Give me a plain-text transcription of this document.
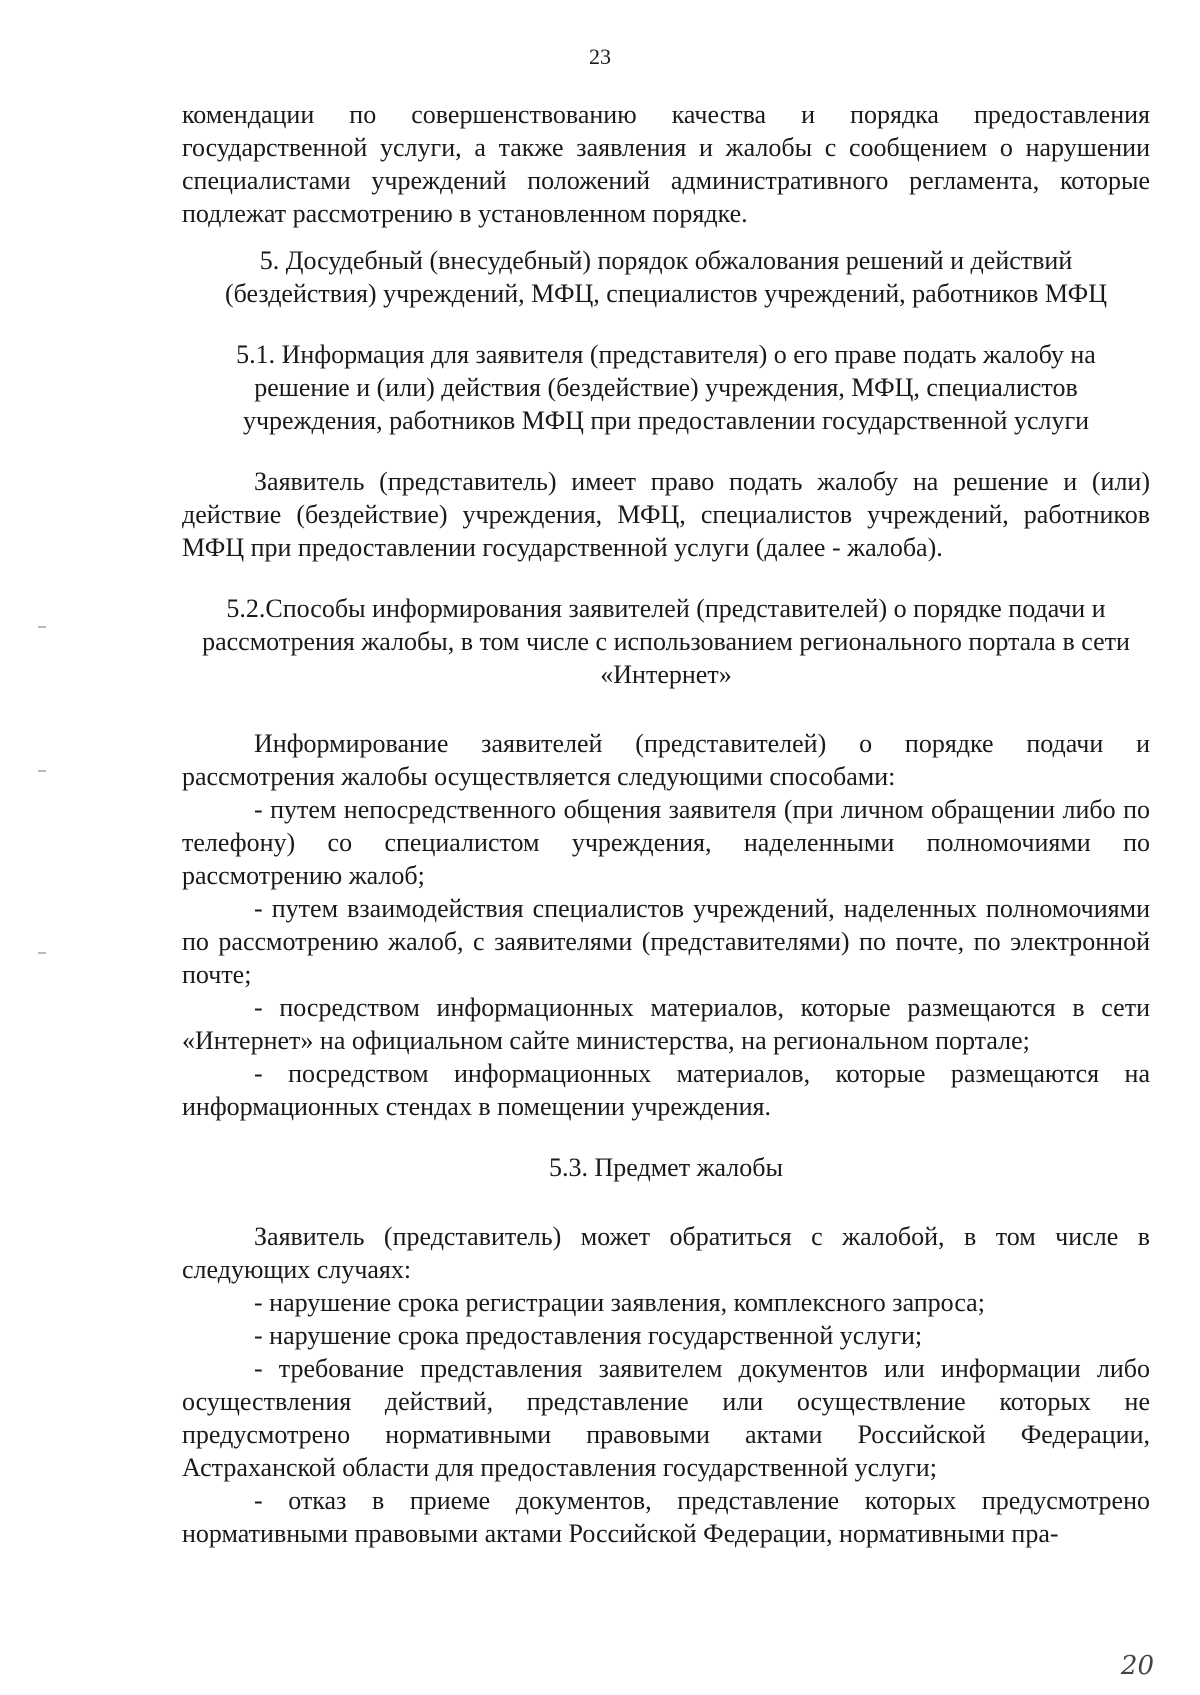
23

комендации по совершенствованию качества и порядка предоставления государственной услуги, а также заявления и жалобы с сообщением о нарушении специалистами учреждений положений административного регламента, которые подлежат рассмотрению в установленном порядке.

5. Досудебный (внесудебный) порядок обжалования решений и действий (бездействия) учреждений, МФЦ, специалистов учреждений, работников МФЦ

5.1. Информация для заявителя (представителя) о его праве подать жалобу на решение и (или) действия (бездействие) учреждения, МФЦ, специалистов учреждения, работников МФЦ при предоставлении государственной услуги

Заявитель (представитель) имеет право подать жалобу на решение и (или) действие (бездействие) учреждения, МФЦ, специалистов учреждений, работников МФЦ при предоставлении государственной услуги (далее - жалоба).

5.2.Способы информирования заявителей (представителей) о порядке подачи и рассмотрения жалобы, в том числе с использованием регионального портала в сети «Интернет»

Информирование заявителей (представителей) о порядке подачи и рассмотрения жалобы осуществляется следующими способами:

- путем непосредственного общения заявителя (при личном обращении либо по телефону) со специалистом учреждения, наделенными полномочиями по рассмотрению жалоб;

- путем взаимодействия специалистов учреждений, наделенных полномочиями по рассмотрению жалоб, с заявителями (представителями) по почте, по электронной почте;

- посредством информационных материалов, которые размещаются в сети «Интернет» на официальном сайте министерства, на региональном портале;

- посредством информационных материалов, которые размещаются на информационных стендах в помещении учреждения.

5.3. Предмет жалобы

Заявитель (представитель) может обратиться с жалобой, в том числе в следующих случаях:

- нарушение срока регистрации заявления, комплексного запроса;

- нарушение срока предоставления государственной услуги;

- требование представления заявителем документов или информации либо осуществления действий, представление или осуществление которых не предусмотрено нормативными правовыми актами Российской Федерации, Астраханской области для предоставления государственной услуги;

- отказ в приеме документов, представление которых предусмотрено нормативными правовыми актами Российской Федерации, нормативными пра-

20
